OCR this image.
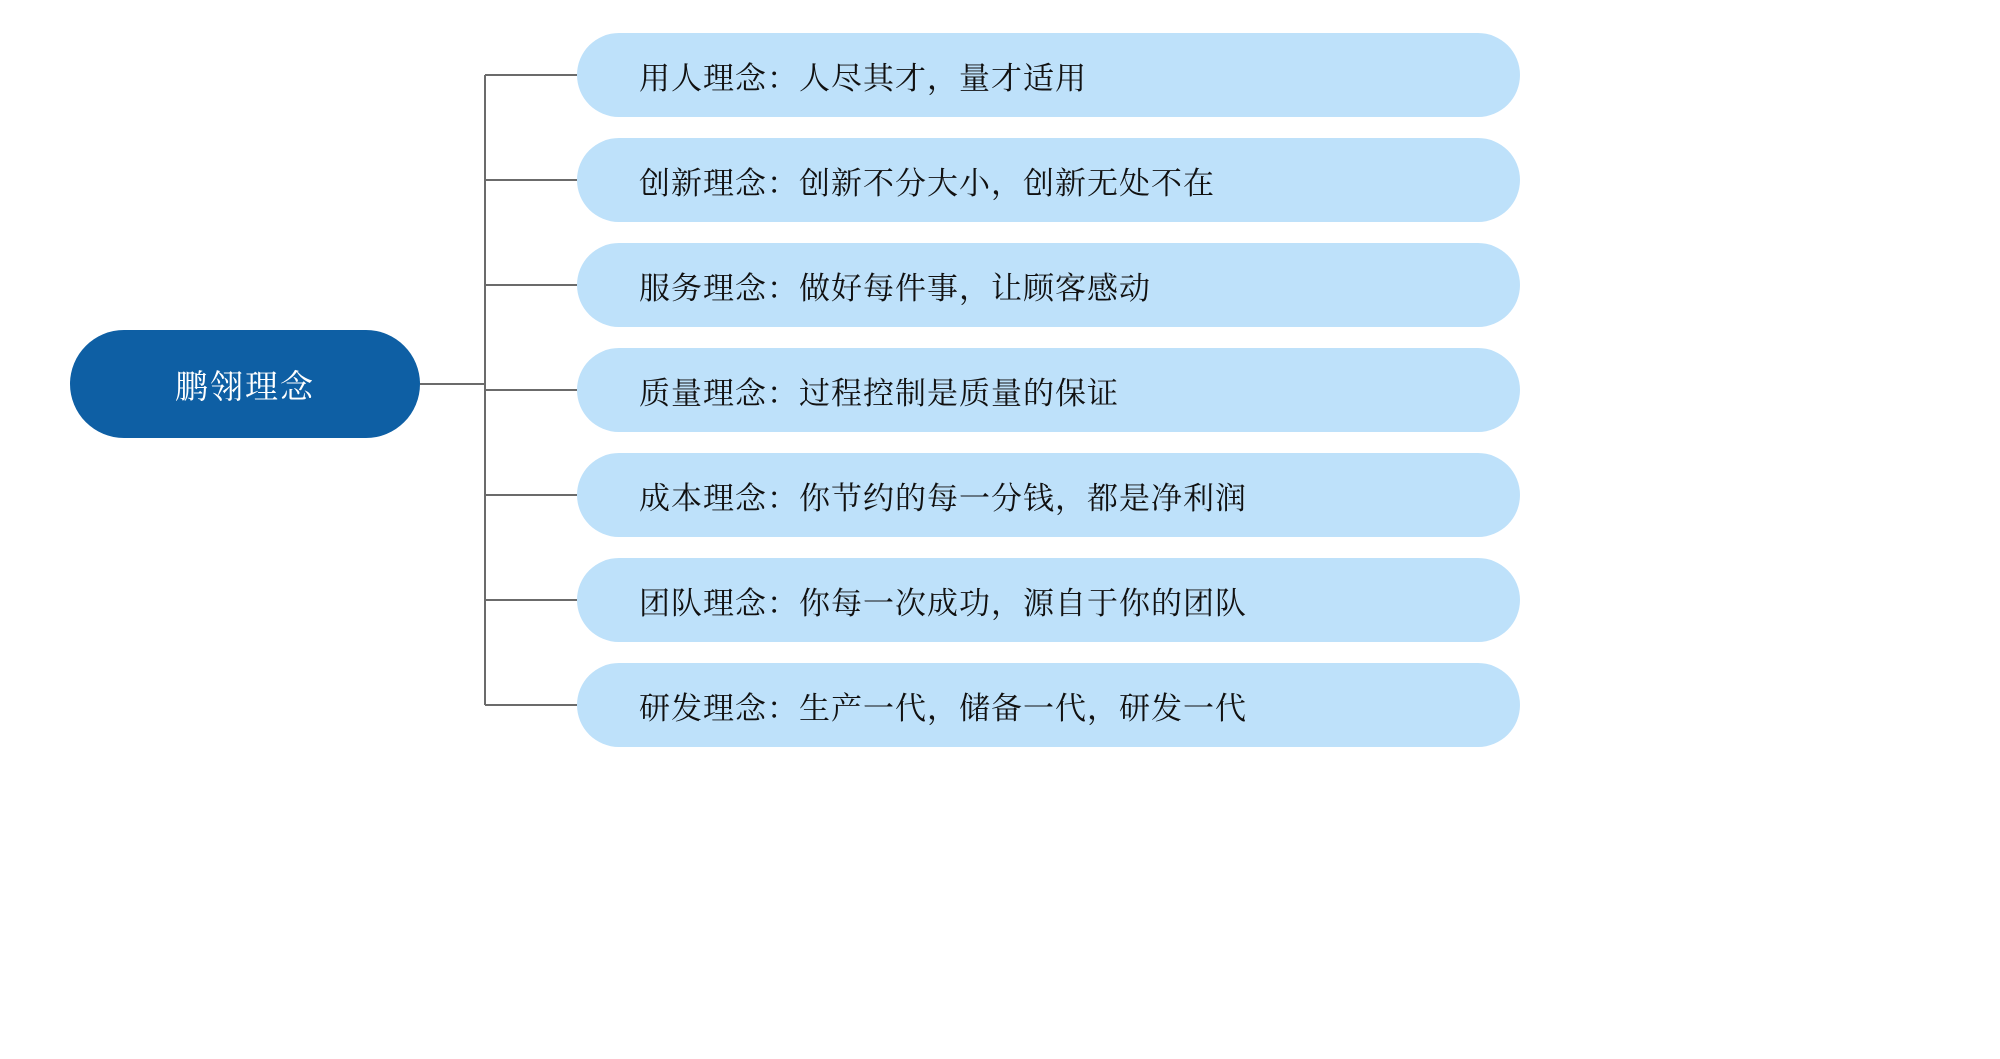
鹏翎理念
用人理念：人尽其才，量才适用
创新理念：创新不分大小，创新无处不在
服务理念：做好每件事，让顾客感动
质量理念：过程控制是质量的保证
成本理念：你节约的每一分钱，都是净利润
团队理念：你每一次成功，源自于你的团队
研发理念：生产一代，储备一代，研发一代
